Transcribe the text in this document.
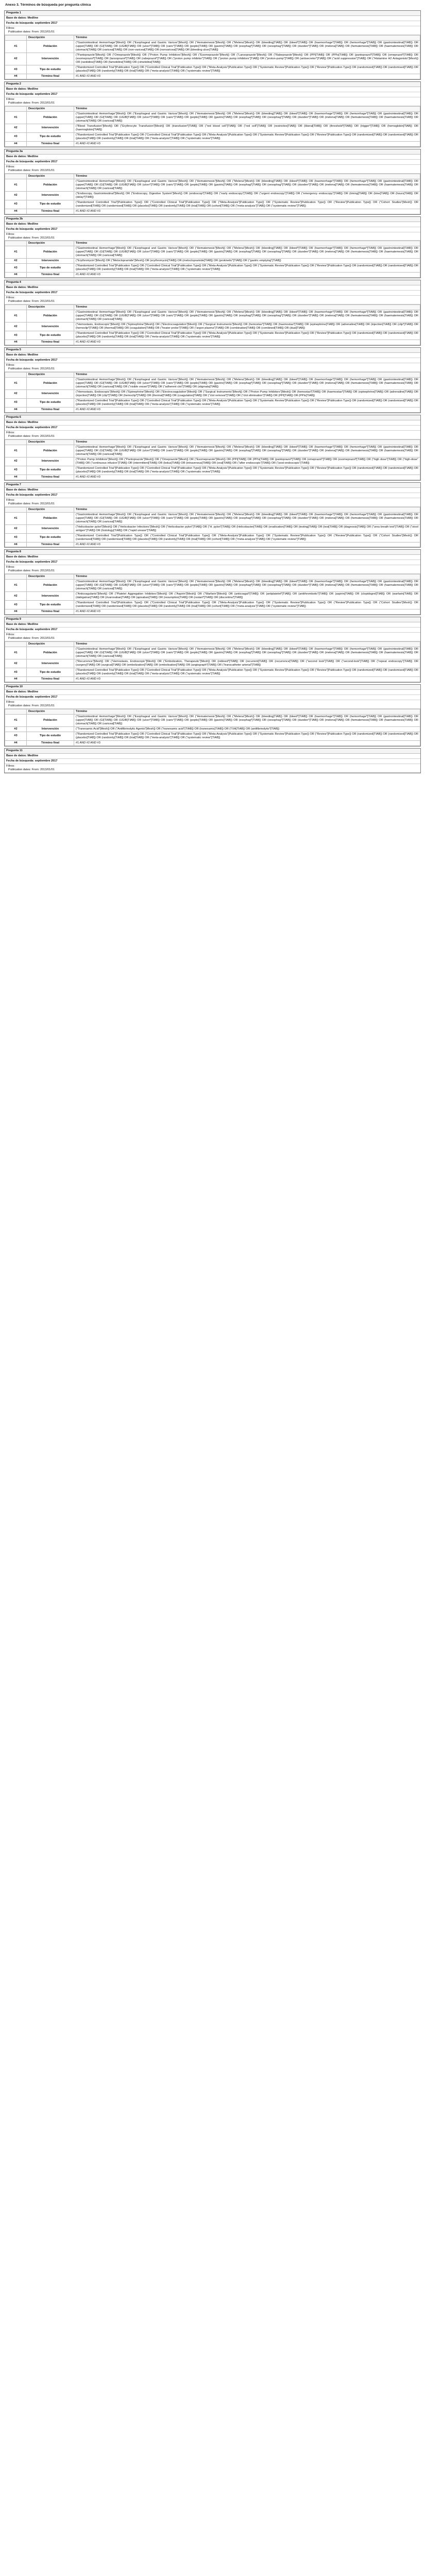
Anexo 3. Términos de búsqueda por pregunta clínica
Pregunta 1
Base de datos: Medline
Fecha de búsqueda: septiembre 2017
Filtros:
Publication dates: From: 2013/01/01
	Descripción	Término
#1	Población	("Gastrointestinal Hemorrhage"[Mesh]) OR ("Esophageal and Gastric Varices"[Mesh]) OR ("Hematemesis"[Mesh]) OR ("Melena"[Mesh]) OR (bleeding[TIAB]) OR (bleed*[TIAB]) OR (haemorrhage*[TIAB]) OR (hemorrhage*[TIAB]) OR (gastrointestinal[TIAB]) OR (upper[TIAB]) OR (GI[TIAB]) OR (UGIB[TIAB]) OR (ulcer*[TIAB]) OR (varic*[TIAB]) OR (peptic[TIAB]) OR (gastric[TIAB]) OR (esophag*[TIAB]) OR (oesophag*[TIAB]) OR (duoden*[TIAB]) OR (melena[TIAB]) OR (hematemesis[TIAB]) OR (haematemesis[TIAB]) OR (stomach[TIAB]) OR (variceal[TIAB]) OR (non-variceal[TIAB]) OR (nonvariceal[TIAB]) OR (bleeding ulcer[TIAB])
#2	Intervención	("Pantoprazole"[Mesh]) OR ("Omeprazole"[Mesh]) OR ("Proton Pump Inhibitors"[Mesh]) OR ("Esomeprazole"[Mesh]) OR ("Lansoprazole"[Mesh]) OR ("Rabeprazole"[Mesh]) OR (PPI[TIAB]) OR (PPIs[TIAB]) OR (pantoprazol*[TIAB]) OR (omeprazol*[TIAB]) OR (esomeprazol*[TIAB]) OR (lansoprazol*[TIAB]) OR (rabeprazol*[TIAB]) OR ("proton pump inhibitor"[TIAB]) OR ("proton pump inhibitors"[TIAB]) OR ("proton-pump"[TIAB]) OR (antisecretor*[TIAB]) OR ("acid suppression"[TIAB]) OR ("Histamine H2 Antagonists"[Mesh]) OR (ranitidine[TIAB]) OR (famotidine[TIAB]) OR (cimetidine[TIAB])
#3	Tipo de estudio	("Randomized Controlled Trial"[Publication Type]) OR ("Controlled Clinical Trial"[Publication Type]) OR ("Meta-Analysis"[Publication Type]) OR ("Systematic Review"[Publication Type]) OR ("Review"[Publication Type]) OR (randomized[TIAB]) OR (randomised[TIAB]) OR (placebo[TIAB]) OR (randomly[TIAB]) OR (trial[TIAB]) OR ("meta-analysis"[TIAB]) OR ("systematic review"[TIAB])
#4	Término final	#1 AND #2 AND #3
Pregunta 2
Base de datos: Medline
Fecha de búsqueda: septiembre 2017
Filtros:
Publication dates: From: 2013/01/01
	Descripción	Término
#1	Población	("Gastrointestinal Hemorrhage"[Mesh]) OR ("Esophageal and Gastric Varices"[Mesh]) OR ("Hematemesis"[Mesh]) OR ("Melena"[Mesh]) OR (bleeding[TIAB]) OR (bleed*[TIAB]) OR (haemorrhage*[TIAB]) OR (hemorrhage*[TIAB]) OR (gastrointestinal[TIAB]) OR (upper[TIAB]) OR (GI[TIAB]) OR (UGIB[TIAB]) OR (ulcer*[TIAB]) OR (varic*[TIAB]) OR (peptic[TIAB]) OR (gastric[TIAB]) OR (esophag*[TIAB]) OR (oesophag*[TIAB]) OR (duoden*[TIAB]) OR (melena[TIAB]) OR (hematemesis[TIAB]) OR (haematemesis[TIAB]) OR (stomach[TIAB]) OR (variceal[TIAB])
#2	Intervención	("Blood Transfusion"[Mesh]) OR ("Erythrocyte Transfusion"[Mesh]) OR (transfusion*[TIAB]) OR ("red blood cell"[TIAB]) OR ("red cell"[TIAB]) OR (restrictive[TIAB]) OR (liberal[TIAB]) OR (threshold*[TIAB]) OR (trigger*[TIAB]) OR (hemoglobin[TIAB]) OR (haemoglobin[TIAB])
#3	Tipo de estudio	("Randomized Controlled Trial"[Publication Type]) OR ("Controlled Clinical Trial"[Publication Type]) OR ("Meta-Analysis"[Publication Type]) OR ("Systematic Review"[Publication Type]) OR ("Review"[Publication Type]) OR (randomized[TIAB]) OR (randomised[TIAB]) OR (placebo[TIAB]) OR (randomly[TIAB]) OR (trial[TIAB]) OR ("meta-analysis"[TIAB]) OR ("systematic review"[TIAB])
#4	Término final	#1 AND #2 AND #3
Pregunta 3a
Base de datos: Medline
Fecha de búsqueda: septiembre 2017
Filtros:
Publication dates: From: 2013/01/01
	Descripción	Término
#1	Población	("Gastrointestinal Hemorrhage"[Mesh]) OR ("Esophageal and Gastric Varices"[Mesh]) OR ("Hematemesis"[Mesh]) OR ("Melena"[Mesh]) OR (bleeding[TIAB]) OR (bleed*[TIAB]) OR (haemorrhage*[TIAB]) OR (hemorrhage*[TIAB]) OR (gastrointestinal[TIAB]) OR (upper[TIAB]) OR (GI[TIAB]) OR (UGIB[TIAB]) OR (ulcer*[TIAB]) OR (varic*[TIAB]) OR (peptic[TIAB]) OR (gastric[TIAB]) OR (esophag*[TIAB]) OR (oesophag*[TIAB]) OR (duoden*[TIAB]) OR (melena[TIAB]) OR (hematemesis[TIAB]) OR (haematemesis[TIAB]) OR (stomach[TIAB]) OR (variceal[TIAB])
#2	Intervención	("Endoscopy, Gastrointestinal"[Mesh]) OR ("Endoscopy, Digestive System"[Mesh]) OR (endoscop*[TIAB]) OR ("early endoscopy"[TIAB]) OR ("urgent endoscopy"[TIAB]) OR ("emergency endoscopy"[TIAB]) OR (timing[TIAB]) OR (time[TIAB]) OR (hours[TIAB]) OR (delay*[TIAB])
#3	Tipo de estudio	("Randomized Controlled Trial"[Publication Type]) OR ("Controlled Clinical Trial"[Publication Type]) OR ("Meta-Analysis"[Publication Type]) OR ("Systematic Review"[Publication Type]) OR ("Review"[Publication Type]) OR ("Cohort Studies"[Mesh]) OR (randomized[TIAB]) OR (randomised[TIAB]) OR (placebo[TIAB]) OR (randomly[TIAB]) OR (trial[TIAB]) OR (cohort[TIAB]) OR ("meta-analysis"[TIAB]) OR ("systematic review"[TIAB])
#4	Término final	#1 AND #2 AND #3
Pregunta 3b
Base de datos: Medline
Fecha de búsqueda: septiembre 2017
Filtros:
Publication dates: From: 2013/01/01
	Descripción	Término
#1	Población	("Gastrointestinal Hemorrhage"[Mesh]) OR ("Esophageal and Gastric Varices"[Mesh]) OR ("Hematemesis"[Mesh]) OR ("Melena"[Mesh]) OR (bleeding[TIAB]) OR (bleed*[TIAB]) OR (haemorrhage*[TIAB]) OR (hemorrhage*[TIAB]) OR (gastrointestinal[TIAB]) OR (upper[TIAB]) OR (GI[TIAB]) OR (UGIB[TIAB]) OR (ulcer*[TIAB]) OR (varic*[TIAB]) OR (peptic[TIAB]) OR (gastric[TIAB]) OR (esophag*[TIAB]) OR (oesophag*[TIAB]) OR (duoden*[TIAB]) OR (melena[TIAB]) OR (hematemesis[TIAB]) OR (haematemesis[TIAB]) OR (stomach[TIAB]) OR (variceal[TIAB])
#2	Intervención	("Erythromycin"[Mesh]) OR ("Metoclopramide"[Mesh]) OR (erythromycin[TIAB]) OR (metoclopramide[TIAB]) OR (prokinetic*[TIAB]) OR ("gastric emptying"[TIAB])
#3	Tipo de estudio	("Randomized Controlled Trial"[Publication Type]) OR ("Controlled Clinical Trial"[Publication Type]) OR ("Meta-Analysis"[Publication Type]) OR ("Systematic Review"[Publication Type]) OR ("Review"[Publication Type]) OR (randomized[TIAB]) OR (randomised[TIAB]) OR (placebo[TIAB]) OR (randomly[TIAB]) OR (trial[TIAB]) OR ("meta-analysis"[TIAB]) OR ("systematic review"[TIAB])
#4	Término final	#1 AND #2 AND #3
Pregunta 4
Base de datos: Medline
Fecha de búsqueda: septiembre 2017
Filtros:
Publication dates: From: 2013/01/01
	Descripción	Término
#1	Población	("Gastrointestinal Hemorrhage"[Mesh]) OR ("Esophageal and Gastric Varices"[Mesh]) OR ("Hematemesis"[Mesh]) OR ("Melena"[Mesh]) OR (bleeding[TIAB]) OR (bleed*[TIAB]) OR (haemorrhage*[TIAB]) OR (hemorrhage*[TIAB]) OR (gastrointestinal[TIAB]) OR (upper[TIAB]) OR (GI[TIAB]) OR (UGIB[TIAB]) OR (ulcer*[TIAB]) OR (varic*[TIAB]) OR (peptic[TIAB]) OR (gastric[TIAB]) OR (esophag*[TIAB]) OR (oesophag*[TIAB]) OR (duoden*[TIAB]) OR (melena[TIAB]) OR (hematemesis[TIAB]) OR (haematemesis[TIAB]) OR (stomach[TIAB]) OR (variceal[TIAB])
#2	Intervención	("Hemostasis, Endoscopic"[Mesh]) OR ("Epinephrine"[Mesh]) OR ("Electrocoagulation"[Mesh]) OR ("Surgical Instruments"[Mesh]) OR (hemostas*[TIAB]) OR (haemostas*[TIAB]) OR (epinephrine[TIAB]) OR (adrenaline[TIAB]) OR (injection[TIAB]) OR (clip*[TIAB]) OR (hemoclip*[TIAB]) OR (thermal[TIAB]) OR (coagulation[TIAB]) OR ("heater probe"[TIAB]) OR ("argon plasma"[TIAB]) OR (combination[TIAB]) OR (combined[TIAB]) OR (dual[TIAB])
#3	Tipo de estudio	("Randomized Controlled Trial"[Publication Type]) OR ("Controlled Clinical Trial"[Publication Type]) OR ("Meta-Analysis"[Publication Type]) OR ("Systematic Review"[Publication Type]) OR ("Review"[Publication Type]) OR (randomized[TIAB]) OR (randomised[TIAB]) OR (placebo[TIAB]) OR (randomly[TIAB]) OR (trial[TIAB]) OR ("meta-analysis"[TIAB]) OR ("systematic review"[TIAB])
#4	Término final	#1 AND #2 AND #3
Pregunta 5
Base de datos: Medline
Fecha de búsqueda: septiembre 2017
Filtros:
Publication dates: From: 2013/01/01
	Descripción	Término
#1	Población	("Gastrointestinal Hemorrhage"[Mesh]) OR ("Esophageal and Gastric Varices"[Mesh]) OR ("Hematemesis"[Mesh]) OR ("Melena"[Mesh]) OR (bleeding[TIAB]) OR (bleed*[TIAB]) OR (haemorrhage*[TIAB]) OR (hemorrhage*[TIAB]) OR (gastrointestinal[TIAB]) OR (upper[TIAB]) OR (GI[TIAB]) OR (UGIB[TIAB]) OR (ulcer*[TIAB]) OR (varic*[TIAB]) OR (peptic[TIAB]) OR (gastric[TIAB]) OR (esophag*[TIAB]) OR (oesophag*[TIAB]) OR (duoden*[TIAB]) OR (melena[TIAB]) OR (hematemesis[TIAB]) OR (haematemesis[TIAB]) OR (stomach[TIAB]) OR (variceal[TIAB]) OR ("visible vessel"[TIAB]) OR ("adherent clot"[TIAB]) OR (stigmata[TIAB])
#2	Intervención	("Hemostasis, Endoscopic"[Mesh]) OR ("Epinephrine"[Mesh]) OR ("Electrocoagulation"[Mesh]) OR ("Surgical Instruments"[Mesh]) OR ("Proton Pump Inhibitors"[Mesh]) OR (hemostas*[TIAB]) OR (haemostas*[TIAB]) OR (epinephrine[TIAB]) OR (adrenaline[TIAB]) OR (injection[TIAB]) OR (clip*[TIAB]) OR (hemoclip*[TIAB]) OR (thermal[TIAB]) OR (coagulation[TIAB]) OR ("clot removal"[TIAB]) OR ("clot elimination"[TIAB]) OR (PPI[TIAB]) OR (PPIs[TIAB])
#3	Tipo de estudio	("Randomized Controlled Trial"[Publication Type]) OR ("Controlled Clinical Trial"[Publication Type]) OR ("Meta-Analysis"[Publication Type]) OR ("Systematic Review"[Publication Type]) OR ("Review"[Publication Type]) OR (randomized[TIAB]) OR (randomised[TIAB]) OR (placebo[TIAB]) OR (randomly[TIAB]) OR (trial[TIAB]) OR ("meta-analysis"[TIAB]) OR ("systematic review"[TIAB])
#4	Término final	#1 AND #2 AND #3
Pregunta 6
Base de datos: Medline
Fecha de búsqueda: septiembre 2017
Filtros:
Publication dates: From: 2013/01/01
	Descripción	Término
#1	Población	("Gastrointestinal Hemorrhage"[Mesh]) OR ("Esophageal and Gastric Varices"[Mesh]) OR ("Hematemesis"[Mesh]) OR ("Melena"[Mesh]) OR (bleeding[TIAB]) OR (bleed*[TIAB]) OR (haemorrhage*[TIAB]) OR (hemorrhage*[TIAB]) OR (gastrointestinal[TIAB]) OR (upper[TIAB]) OR (GI[TIAB]) OR (UGIB[TIAB]) OR (ulcer*[TIAB]) OR (varic*[TIAB]) OR (peptic[TIAB]) OR (gastric[TIAB]) OR (esophag*[TIAB]) OR (oesophag*[TIAB]) OR (duoden*[TIAB]) OR (melena[TIAB]) OR (hematemesis[TIAB]) OR (haematemesis[TIAB]) OR (stomach[TIAB]) OR (variceal[TIAB])
#2	Intervención	("Proton Pump Inhibitors"[Mesh]) OR ("Pantoprazole"[Mesh]) OR ("Omeprazole"[Mesh]) OR ("Esomeprazole"[Mesh]) OR (PPI[TIAB]) OR (PPIs[TIAB]) OR (pantoprazol*[TIAB]) OR (omeprazol*[TIAB]) OR (esomeprazol*[TIAB]) OR ("high dose"[TIAB]) OR ("high-dose"[TIAB]) OR ("continuous infusion"[TIAB]) OR (intermittent[TIAB]) OR (bolus[TIAB]) OR (intravenous[TIAB]) OR (oral[TIAB]) OR ("after endoscopic"[TIAB]) OR ("post-endoscopic"[TIAB])
#3	Tipo de estudio	("Randomized Controlled Trial"[Publication Type]) OR ("Controlled Clinical Trial"[Publication Type]) OR ("Meta-Analysis"[Publication Type]) OR ("Systematic Review"[Publication Type]) OR ("Review"[Publication Type]) OR (randomized[TIAB]) OR (randomised[TIAB]) OR (placebo[TIAB]) OR (randomly[TIAB]) OR (trial[TIAB]) OR ("meta-analysis"[TIAB]) OR ("systematic review"[TIAB])
#4	Término final	#1 AND #2 AND #3
Pregunta 7
Base de datos: Medline
Fecha de búsqueda: septiembre 2017
Filtros:
Publication dates: From: 2013/01/01
	Descripción	Término
#1	Población	("Gastrointestinal Hemorrhage"[Mesh]) OR ("Esophageal and Gastric Varices"[Mesh]) OR ("Hematemesis"[Mesh]) OR ("Melena"[Mesh]) OR (bleeding[TIAB]) OR (bleed*[TIAB]) OR (haemorrhage*[TIAB]) OR (hemorrhage*[TIAB]) OR (gastrointestinal[TIAB]) OR (upper[TIAB]) OR (GI[TIAB]) OR (UGIB[TIAB]) OR (ulcer*[TIAB]) OR (varic*[TIAB]) OR (peptic[TIAB]) OR (gastric[TIAB]) OR (esophag*[TIAB]) OR (oesophag*[TIAB]) OR (duoden*[TIAB]) OR (melena[TIAB]) OR (hematemesis[TIAB]) OR (haematemesis[TIAB]) OR (stomach[TIAB]) OR (variceal[TIAB])
#2	Intervención	("Helicobacter pylori"[Mesh]) OR ("Helicobacter Infections"[Mesh]) OR ("Helicobacter pylori"[TIAB]) OR ("H. pylori"[TIAB]) OR (Helicobacter[TIAB]) OR (eradication[TIAB]) OR (testing[TIAB]) OR (test[TIAB]) OR (diagnosis[TIAB]) OR ("urea breath test"[TIAB]) OR ("stool antigen"[TIAB]) OR (histology[TIAB]) OR ("rapid urease"[TIAB])
#3	Tipo de estudio	("Randomized Controlled Trial"[Publication Type]) OR ("Controlled Clinical Trial"[Publication Type]) OR ("Meta-Analysis"[Publication Type]) OR ("Systematic Review"[Publication Type]) OR ("Review"[Publication Type]) OR ("Cohort Studies"[Mesh]) OR (randomized[TIAB]) OR (randomised[TIAB]) OR (placebo[TIAB]) OR (randomly[TIAB]) OR (trial[TIAB]) OR (cohort[TIAB]) OR ("meta-analysis"[TIAB]) OR ("systematic review"[TIAB])
#4	Término final	#1 AND #2 AND #3
Pregunta 8
Base de datos: Medline
Fecha de búsqueda: septiembre 2017
Filtros:
Publication dates: From: 2013/01/01
	Descripción	Término
#1	Población	("Gastrointestinal Hemorrhage"[Mesh]) OR ("Esophageal and Gastric Varices"[Mesh]) OR ("Hematemesis"[Mesh]) OR ("Melena"[Mesh]) OR (bleeding[TIAB]) OR (bleed*[TIAB]) OR (haemorrhage*[TIAB]) OR (hemorrhage*[TIAB]) OR (gastrointestinal[TIAB]) OR (upper[TIAB]) OR (GI[TIAB]) OR (UGIB[TIAB]) OR (ulcer*[TIAB]) OR (varic*[TIAB]) OR (peptic[TIAB]) OR (gastric[TIAB]) OR (esophag*[TIAB]) OR (oesophag*[TIAB]) OR (duoden*[TIAB]) OR (melena[TIAB]) OR (hematemesis[TIAB]) OR (haematemesis[TIAB]) OR (stomach[TIAB]) OR (variceal[TIAB])
#2	Intervención	("Anticoagulants"[Mesh]) OR ("Platelet Aggregation Inhibitors"[Mesh]) OR ("Aspirin"[Mesh]) OR ("Warfarin"[Mesh]) OR (anticoagul*[TIAB]) OR (antiplatelet*[TIAB]) OR (antithrombotic*[TIAB]) OR (aspirin[TIAB]) OR (clopidogrel[TIAB]) OR (warfarin[TIAB]) OR (dabigatran[TIAB]) OR (rivaroxaban[TIAB]) OR (apixaban[TIAB]) OR (resumption[TIAB]) OR (restart*[TIAB]) OR (discontinu*[TIAB])
#3	Tipo de estudio	("Randomized Controlled Trial"[Publication Type]) OR ("Controlled Clinical Trial"[Publication Type]) OR ("Meta-Analysis"[Publication Type]) OR ("Systematic Review"[Publication Type]) OR ("Review"[Publication Type]) OR ("Cohort Studies"[Mesh]) OR (randomized[TIAB]) OR (randomised[TIAB]) OR (placebo[TIAB]) OR (randomly[TIAB]) OR (trial[TIAB]) OR (cohort[TIAB]) OR ("meta-analysis"[TIAB]) OR ("systematic review"[TIAB])
#4	Término final	#1 AND #2 AND #3
Pregunta 9
Base de datos: Medline
Fecha de búsqueda: septiembre 2017
Filtros:
Publication dates: From: 2013/01/01
	Descripción	Término
#1	Población	("Gastrointestinal Hemorrhage"[Mesh]) OR ("Esophageal and Gastric Varices"[Mesh]) OR ("Hematemesis"[Mesh]) OR ("Melena"[Mesh]) OR (bleeding[TIAB]) OR (bleed*[TIAB]) OR (haemorrhage*[TIAB]) OR (hemorrhage*[TIAB]) OR (gastrointestinal[TIAB]) OR (upper[TIAB]) OR (GI[TIAB]) OR (UGIB[TIAB]) OR (ulcer*[TIAB]) OR (varic*[TIAB]) OR (peptic[TIAB]) OR (gastric[TIAB]) OR (esophag*[TIAB]) OR (oesophag*[TIAB]) OR (duoden*[TIAB]) OR (melena[TIAB]) OR (hematemesis[TIAB]) OR (haematemesis[TIAB]) OR (stomach[TIAB]) OR (variceal[TIAB])
#2	Intervención	("Recurrence"[Mesh]) OR ("Hemostasis, Endoscopic"[Mesh]) OR ("Embolization, Therapeutic"[Mesh]) OR (rebleed*[TIAB]) OR (recurrent[TIAB]) OR (recurrence[TIAB]) OR ("second look"[TIAB]) OR ("second-look"[TIAB]) OR ("repeat endoscopy"[TIAB]) OR (surgery[TIAB]) OR (surgical[TIAB]) OR (embolization[TIAB]) OR (embolisation[TIAB]) OR (angiograph*[TIAB]) OR ("transcatheter arterial"[TIAB])
#3	Tipo de estudio	("Randomized Controlled Trial"[Publication Type]) OR ("Controlled Clinical Trial"[Publication Type]) OR ("Meta-Analysis"[Publication Type]) OR ("Systematic Review"[Publication Type]) OR ("Review"[Publication Type]) OR (randomized[TIAB]) OR (randomised[TIAB]) OR (placebo[TIAB]) OR (randomly[TIAB]) OR (trial[TIAB]) OR ("meta-analysis"[TIAB]) OR ("systematic review"[TIAB])
#4	Término final	#1 AND #2 AND #3
Pregunta 10
Base de datos: Medline
Fecha de búsqueda: septiembre 2017
Filtros:
Publication dates: From: 2013/01/01
	Descripción	Término
#1	Población	("Gastrointestinal Hemorrhage"[Mesh]) OR ("Esophageal and Gastric Varices"[Mesh]) OR ("Hematemesis"[Mesh]) OR ("Melena"[Mesh]) OR (bleeding[TIAB]) OR (bleed*[TIAB]) OR (haemorrhage*[TIAB]) OR (hemorrhage*[TIAB]) OR (gastrointestinal[TIAB]) OR (upper[TIAB]) OR (GI[TIAB]) OR (UGIB[TIAB]) OR (ulcer*[TIAB]) OR (varic*[TIAB]) OR (peptic[TIAB]) OR (gastric[TIAB]) OR (esophag*[TIAB]) OR (oesophag*[TIAB]) OR (duoden*[TIAB]) OR (melena[TIAB]) OR (hematemesis[TIAB]) OR (haematemesis[TIAB]) OR (stomach[TIAB]) OR (variceal[TIAB])
#2	Intervención	("Tranexamic Acid"[Mesh]) OR ("Antifibrinolytic Agents"[Mesh]) OR ("tranexamic acid"[TIAB]) OR (tranexamic[TIAB]) OR (TXA[TIAB]) OR (antifibrinolytic*[TIAB])
#3	Tipo de estudio	("Randomized Controlled Trial"[Publication Type]) OR ("Controlled Clinical Trial"[Publication Type]) OR ("Meta-Analysis"[Publication Type]) OR ("Systematic Review"[Publication Type]) OR ("Review"[Publication Type]) OR (randomized[TIAB]) OR (randomised[TIAB]) OR (placebo[TIAB]) OR (randomly[TIAB]) OR (trial[TIAB]) OR ("meta-analysis"[TIAB]) OR ("systematic review"[TIAB])
#4	Término final	#1 AND #2 AND #3
Pregunta 11
Base de datos: Medline
Fecha de búsqueda: septiembre 2017
Filtros:
Publication dates: From: 2013/01/01
